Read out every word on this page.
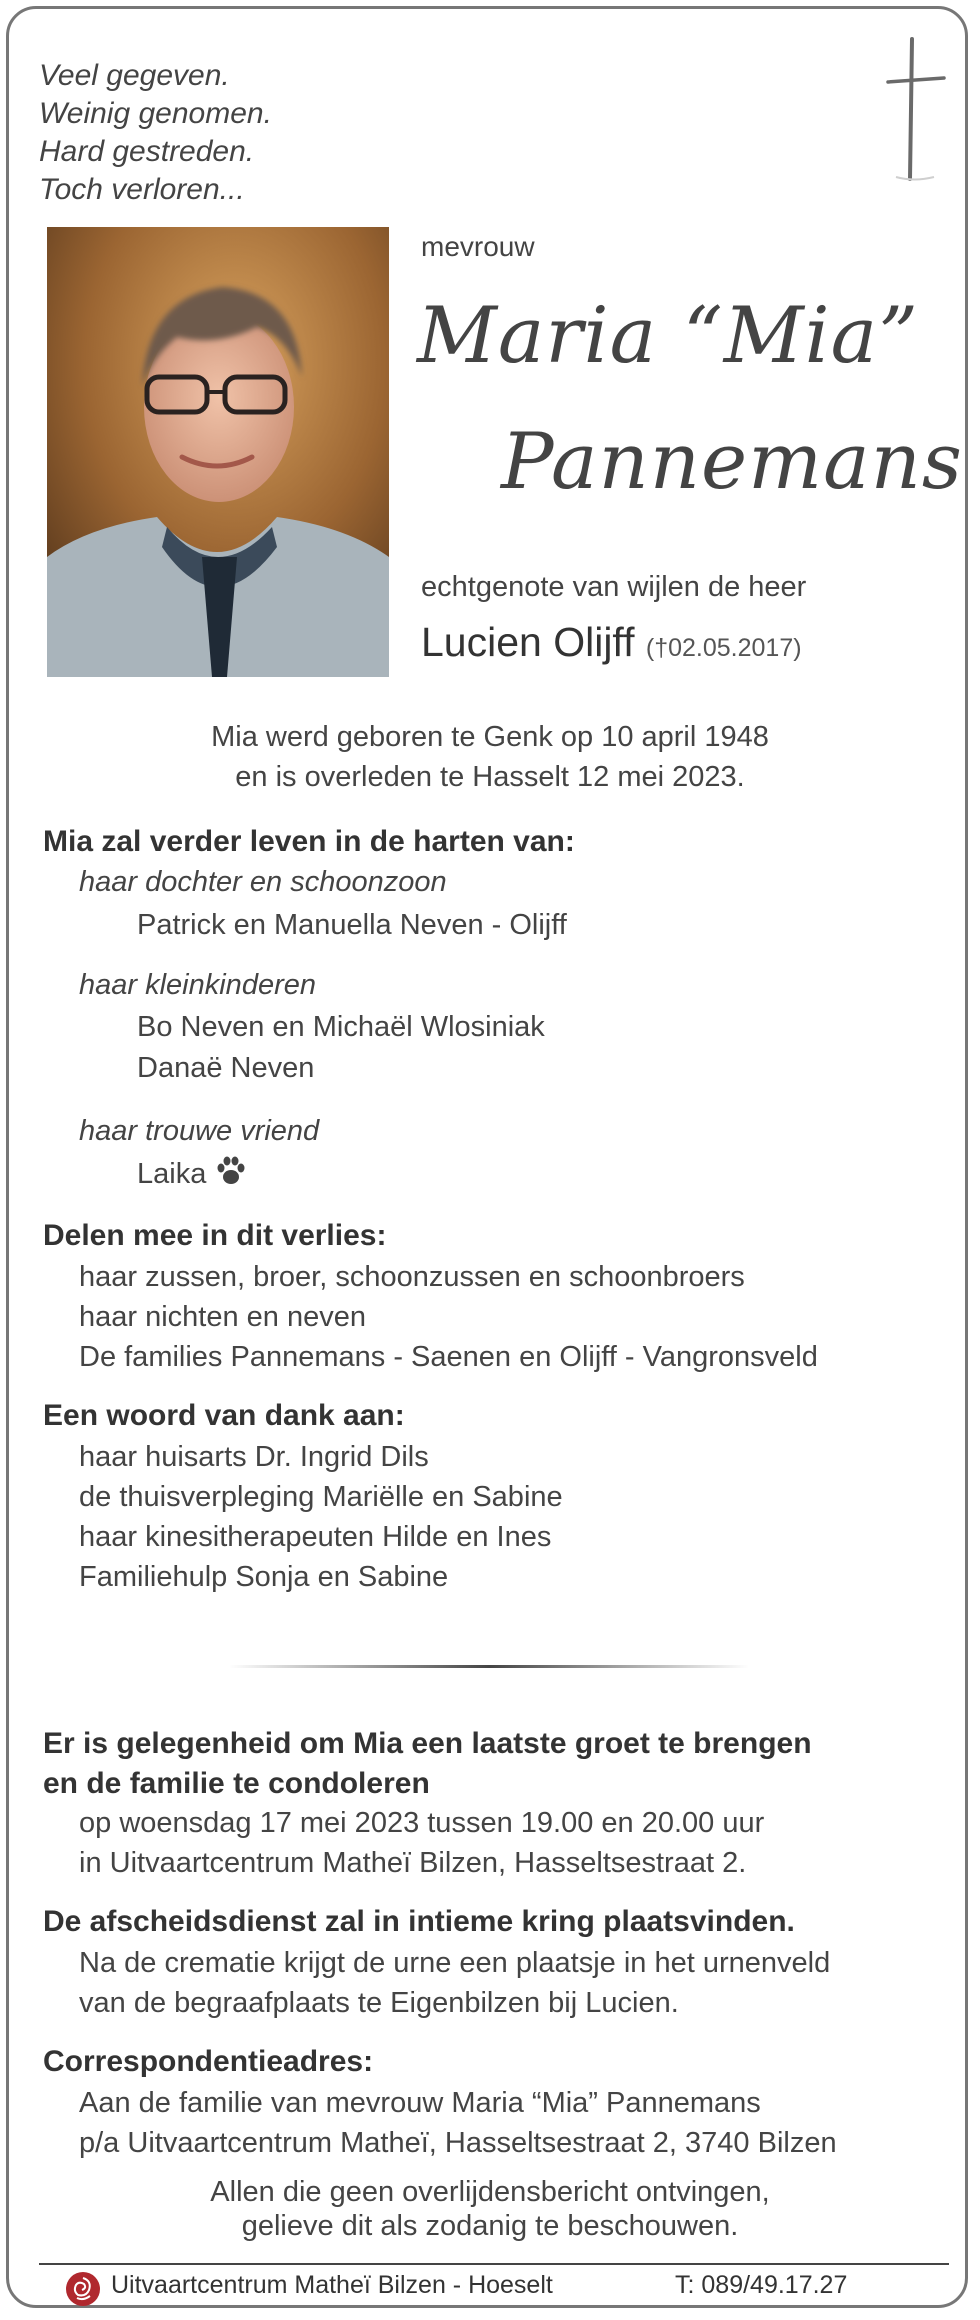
Veel gegeven.
Weinig genomen.
Hard gestreden.
Toch verloren...
mevrouw
Maria “Mia”
Pannemans
echtgenote van wijlen de heer
Lucien Olijff (†02.05.2017)
Mia werd geboren te Genk op 10 april 1948
en is overleden te Hasselt 12 mei 2023.
Mia zal verder leven in de harten van:
haar dochter en schoonzoon
Patrick en Manuella Neven - Olijff
haar kleinkinderen
Bo Neven en Michaël Wlosiniak
Danaë Neven
haar trouwe vriend
Laika
Delen mee in dit verlies:
haar zussen, broer, schoonzussen en schoonbroers
haar nichten en neven
De families Pannemans - Saenen en Olijff - Vangronsveld
Een woord van dank aan:
haar huisarts Dr. Ingrid Dils
de thuisverpleging Mariëlle en Sabine
haar kinesitherapeuten Hilde en Ines
Familiehulp Sonja en Sabine
Er is gelegenheid om Mia een laatste groet te brengen
en de familie te condoleren
op woensdag 17 mei 2023 tussen 19.00 en 20.00 uur
in Uitvaartcentrum Matheï Bilzen, Hasseltsestraat 2.
De afscheidsdienst zal in intieme kring plaatsvinden.
Na de crematie krijgt de urne een plaatsje in het urnenveld
van de begraafplaats te Eigenbilzen bij Lucien.
Correspondentieadres:
Aan de familie van mevrouw Maria “Mia” Pannemans
p/a Uitvaartcentrum Matheï, Hasseltsestraat 2, 3740 Bilzen
Allen die geen overlijdensbericht ontvingen,
gelieve dit als zodanig te beschouwen.
Uitvaartcentrum Matheï Bilzen - Hoeselt	T: 089/49.17.27
